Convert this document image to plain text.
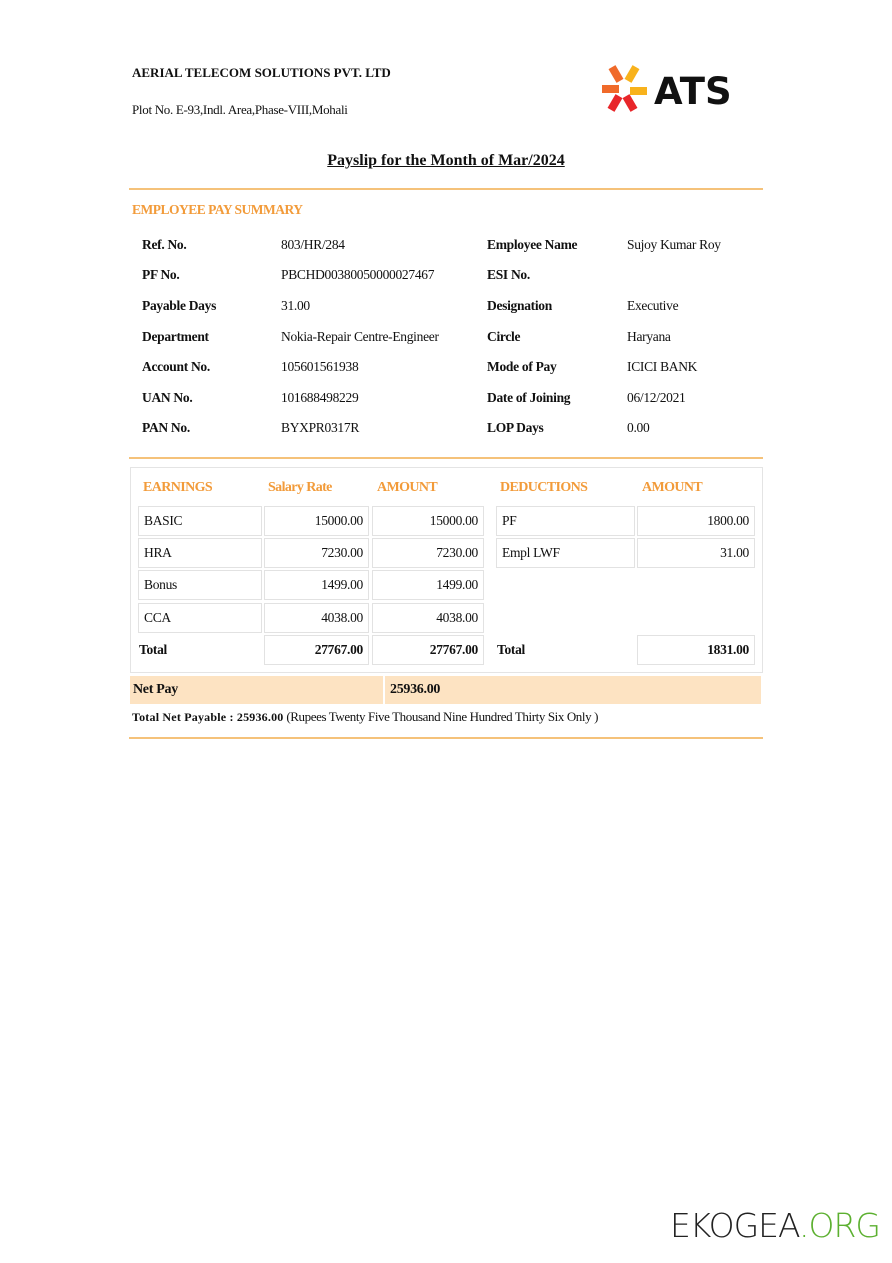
AERIAL TELECOM SOLUTIONS PVT. LTD
Plot No. E-93,Indl. Area,Phase-VIII,Mohali	ATS
Payslip for the Month of Mar/2024
EMPLOYEE PAY SUMMARY
Ref. No.	803/HR/284	Employee Name	Sujoy Kumar Roy
PF No.	PBCHD00380050000027467	ESI No.
Payable Days	31.00	Designation	Executive
Department	Nokia-Repair Centre-Engineer	Circle	Haryana
Account No.	105601561938	Mode of Pay	ICICI BANK
UAN No.	101688498229	Date of Joining	06/12/2021
PAN No.	BYXPR0317R	LOP Days	0.00
EARNINGS	Salary Rate	AMOUNT	DEDUCTIONS	AMOUNT
BASIC	15000.00	15000.00	PF	1800.00
HRA	7230.00	7230.00	Empl LWF	31.00
Bonus	1499.00	1499.00
CCA	4038.00	4038.00
Total	27767.00	27767.00	Total	1831.00
Net Pay	25936.00
Total Net Payable : 25936.00 (Rupees Twenty Five Thousand Nine Hundred Thirty Six Only )
EKOGEA.ORG
